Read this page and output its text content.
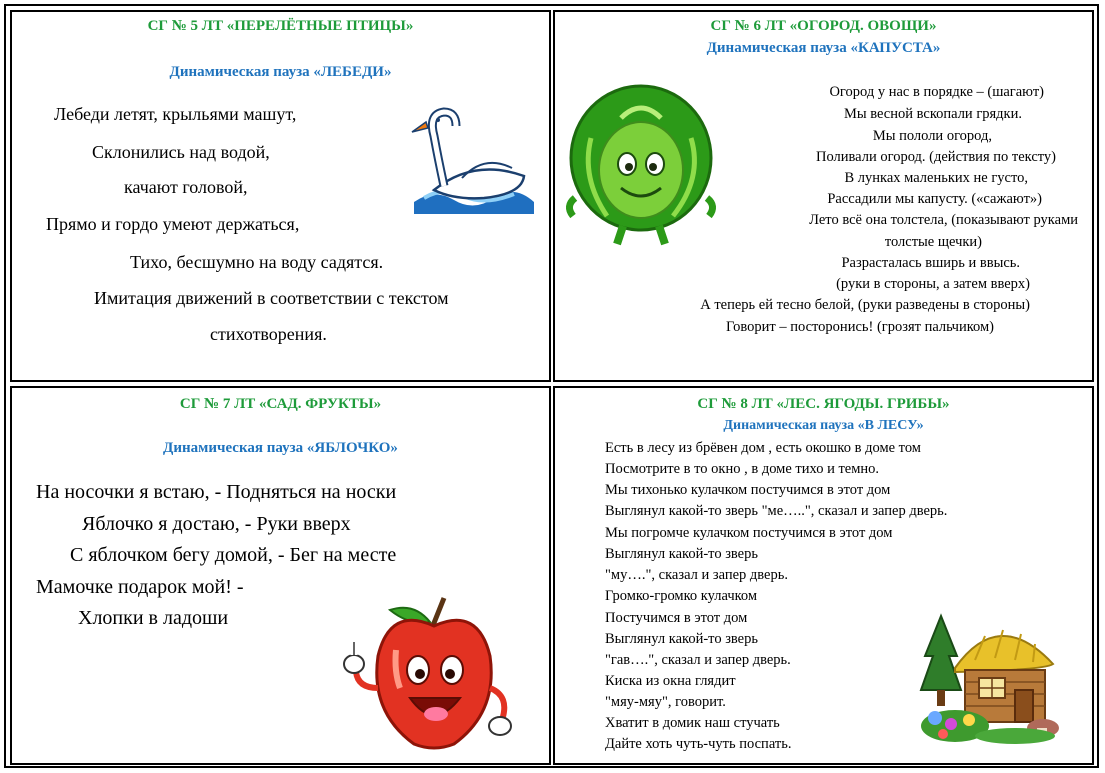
СГ № 5 ЛТ «ПЕРЕЛЁТНЫЕ ПТИЦЫ»

Динамическая пауза «ЛЕБЕДИ»

Лебеди летят, крыльями машут,

Склонились над водой,

качают головой,

Прямо и гордо умеют держаться,

Тихо, бесшумно на воду садятся.

Имитация движений в соответствии с текстом

стихотворения.

СГ № 6 ЛТ «ОГОРОД. ОВОЩИ»

Динамическая пауза «КАПУСТА»

Огород у нас в порядке – (шагают)

Мы весной вскопали грядки.

Мы пололи огород,

Поливали огород. (действия по тексту)

В лунках маленьких не густо,

Рассадили мы капусту. («сажают»)

Лето всё она толстела, (показывают руками

толстые щечки)

Разрасталась вширь и ввысь.

(руки в стороны, а затем вверх)

А теперь ей тесно белой, (руки разведены в стороны)

Говорит – посторонись! (грозят пальчиком)

СГ № 7 ЛТ «САД. ФРУКТЫ»

Динамическая пауза «ЯБЛОЧКО»

На носочки я встаю, - Подняться на носки

Яблочко я достаю, - Руки вверх

С яблочком бегу домой, - Бег на месте

Мамочке подарок мой! -

Хлопки в ладоши

СГ № 8 ЛТ «ЛЕС. ЯГОДЫ. ГРИБЫ»

Динамическая пауза «В ЛЕСУ»

Есть в лесу из брёвен дом , есть окошко в доме том

Посмотрите в то окно , в доме тихо и темно.

Мы тихонько кулачком постучимся в этот дом

Выглянул какой-то зверь "ме…..", сказал и запер дверь.

Мы погромче кулачком постучимся в этот дом

Выглянул какой-то зверь

"му….", сказал и запер дверь.

Громко-громко кулачком

Постучимся в этот дом

Выглянул какой-то зверь

"гав….", сказал и запер дверь.

Киска из окна глядит

"мяу-мяу", говорит.

Хватит в домик наш стучать

Дайте хоть чуть-чуть поспать.
